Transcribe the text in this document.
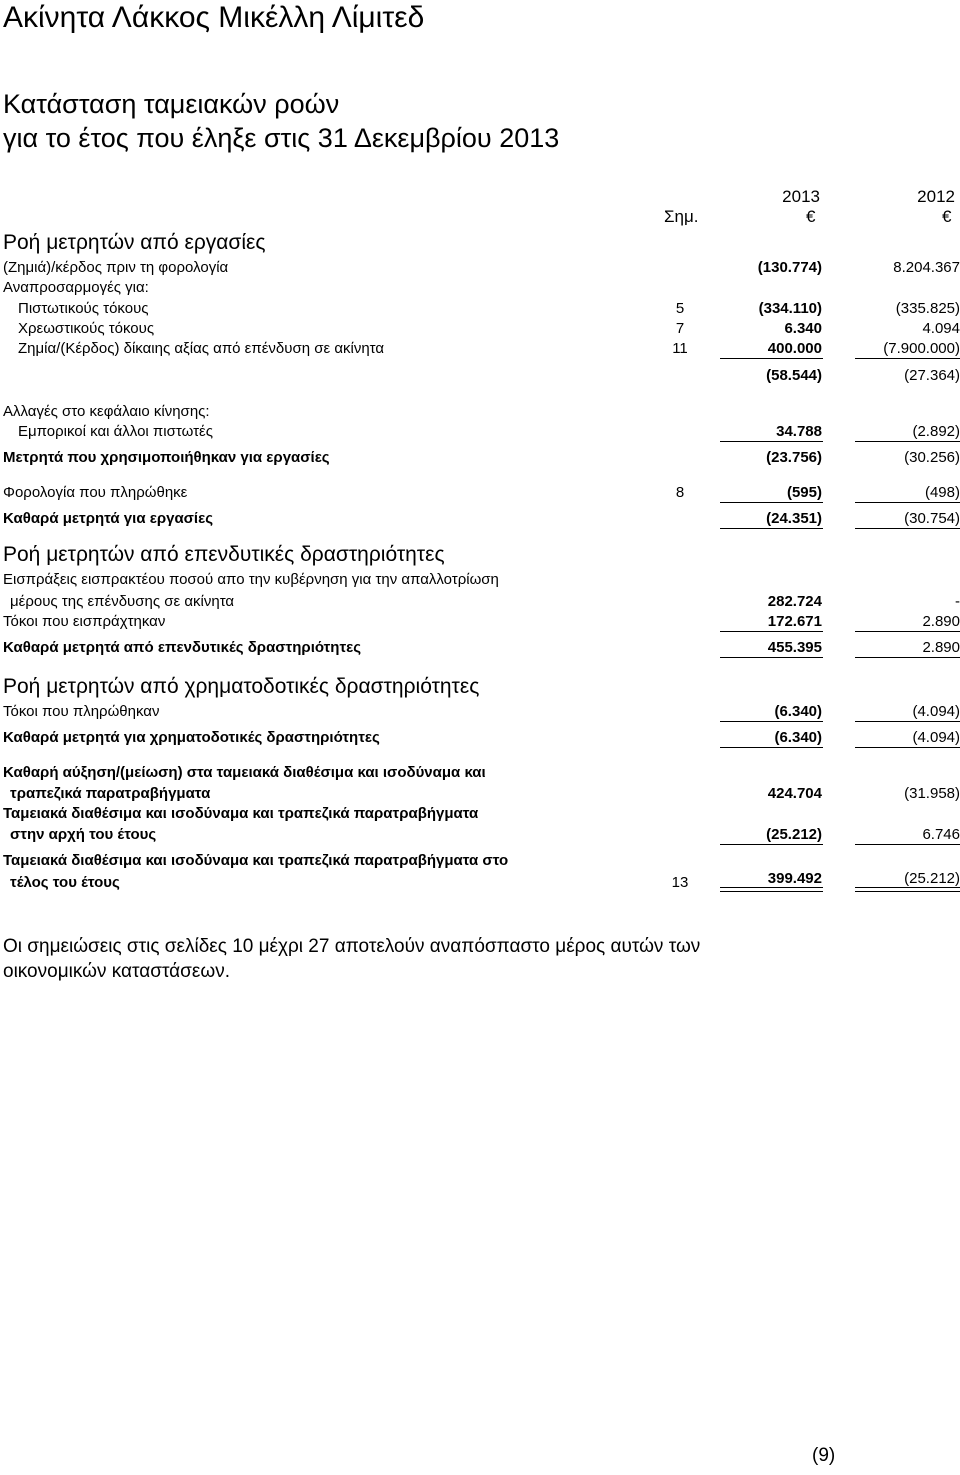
Ακίνητα Λάκκος Μικέλλη Λίμιτεδ
Κατάσταση ταμειακών ροών
για το έτος που έληξε στις 31 Δεκεμβρίου 2013
2013	2012
Σημ.	€	€
Ροή μετρητών από εργασίες
(Ζημιά)/κέρδος πριν τη φορολογία	(130.774)	8.204.367
Αναπροσαρμογές για:
Πιστωτικούς τόκους	5	(334.110)	(335.825)
Χρεωστικούς τόκους	7	6.340	4.094
Ζημία/(Κέρδος) δίκαιης αξίας από επένδυση σε ακίνητα	11	400.000	(7.900.000)
(58.544)	(27.364)
Αλλαγές στο κεφάλαιο κίνησης:
Εμπορικοί και άλλοι πιστωτές	34.788	(2.892)
Μετρητά που χρησιμοποιήθηκαν για εργασίες	(23.756)	(30.256)
Φορολογία που πληρώθηκε	8	(595)	(498)
Καθαρά μετρητά για εργασίες	(24.351)	(30.754)
Ροή μετρητών από επενδυτικές δραστηριότητες
Εισπράξεις εισπρακτέου ποσού απο την κυβέρνηση για την απαλλοτρίωση
μέρους της επένδυσης σε ακίνητα	282.724	-
Τόκοι που εισπράχτηκαν	172.671	2.890
Καθαρά μετρητά από επενδυτικές δραστηριότητες	455.395	2.890
Ροή μετρητών από χρηματοδοτικές δραστηριότητες
Τόκοι που πληρώθηκαν	(6.340)	(4.094)
Καθαρά μετρητά για χρηματοδοτικές δραστηριότητες	(6.340)	(4.094)
Καθαρή αύξηση/(μείωση) στα ταμειακά διαθέσιμα και ισοδύναμα και
τραπεζικά παρατραβήγματα	424.704	(31.958)
Ταμειακά διαθέσιμα και ισοδύναμα και τραπεζικά παρατραβήγματα
στην αρχή του έτους	(25.212)	6.746
Ταμειακά διαθέσιμα και ισοδύναμα και τραπεζικά παρατραβήγματα στο
τέλος του έτους	13	399.492	(25.212)
Οι σημειώσεις στις σελίδες 10 μέχρι 27 αποτελούν αναπόσπαστο μέρος αυτών των
οικονομικών καταστάσεων.
(9)
